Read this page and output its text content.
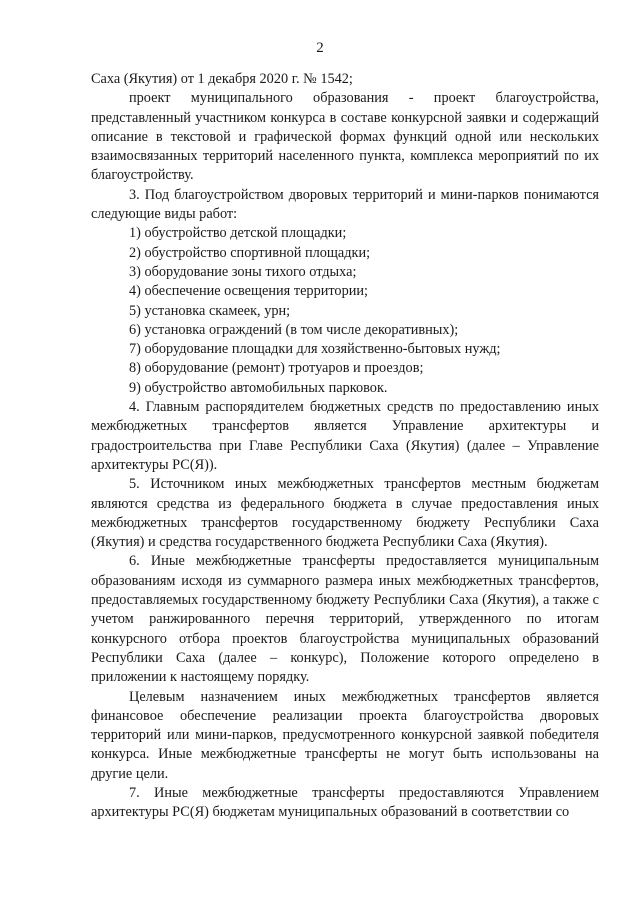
2

Саха (Якутия) от 1 декабря 2020 г. № 1542;

проект муниципального образования - проект благоустройства, представленный участником конкурса в составе конкурсной заявки и содержащий описание в текстовой и графической формах функций одной или нескольких взаимосвязанных территорий населенного пункта, комплекса мероприятий по их благоустройству.

3. Под благоустройством дворовых территорий и мини-парков понимаются следующие виды работ:

1) обустройство детской площадки;

2) обустройство спортивной площадки;

3) оборудование зоны тихого отдыха;

4) обеспечение освещения территории;

5) установка скамеек, урн;

6) установка ограждений (в том числе декоративных);

7) оборудование площадки для хозяйственно-бытовых нужд;

8) оборудование (ремонт) тротуаров и проездов;

9) обустройство автомобильных парковок.

4. Главным распорядителем бюджетных средств по предоставлению иных межбюджетных трансфертов является Управление архитектуры и градостроительства при Главе Республики Саха (Якутия) (далее – Управление архитектуры РС(Я)).

5. Источником иных межбюджетных трансфертов местным бюджетам являются средства из федерального бюджета в случае предоставления иных межбюджетных трансфертов государственному бюджету Республики Саха (Якутия) и средства государственного бюджета Республики Саха (Якутия).

6. Иные межбюджетные трансферты предоставляется муниципальным образованиям исходя из суммарного размера иных межбюджетных трансфертов, предоставляемых государственному бюджету Республики Саха (Якутия), а также с учетом ранжированного перечня территорий, утвержденного по итогам конкурсного отбора проектов благоустройства муниципальных образований Республики Саха (далее – конкурс), Положение которого определено в приложении к настоящему порядку.

Целевым назначением иных межбюджетных трансфертов является финансовое обеспечение реализации проекта благоустройства дворовых территорий или мини-парков, предусмотренного конкурсной заявкой победителя конкурса. Иные межбюджетные трансферты не могут быть использованы на другие цели.

7. Иные межбюджетные трансферты предоставляются Управлением архитектуры РС(Я) бюджетам муниципальных образований в соответствии со
